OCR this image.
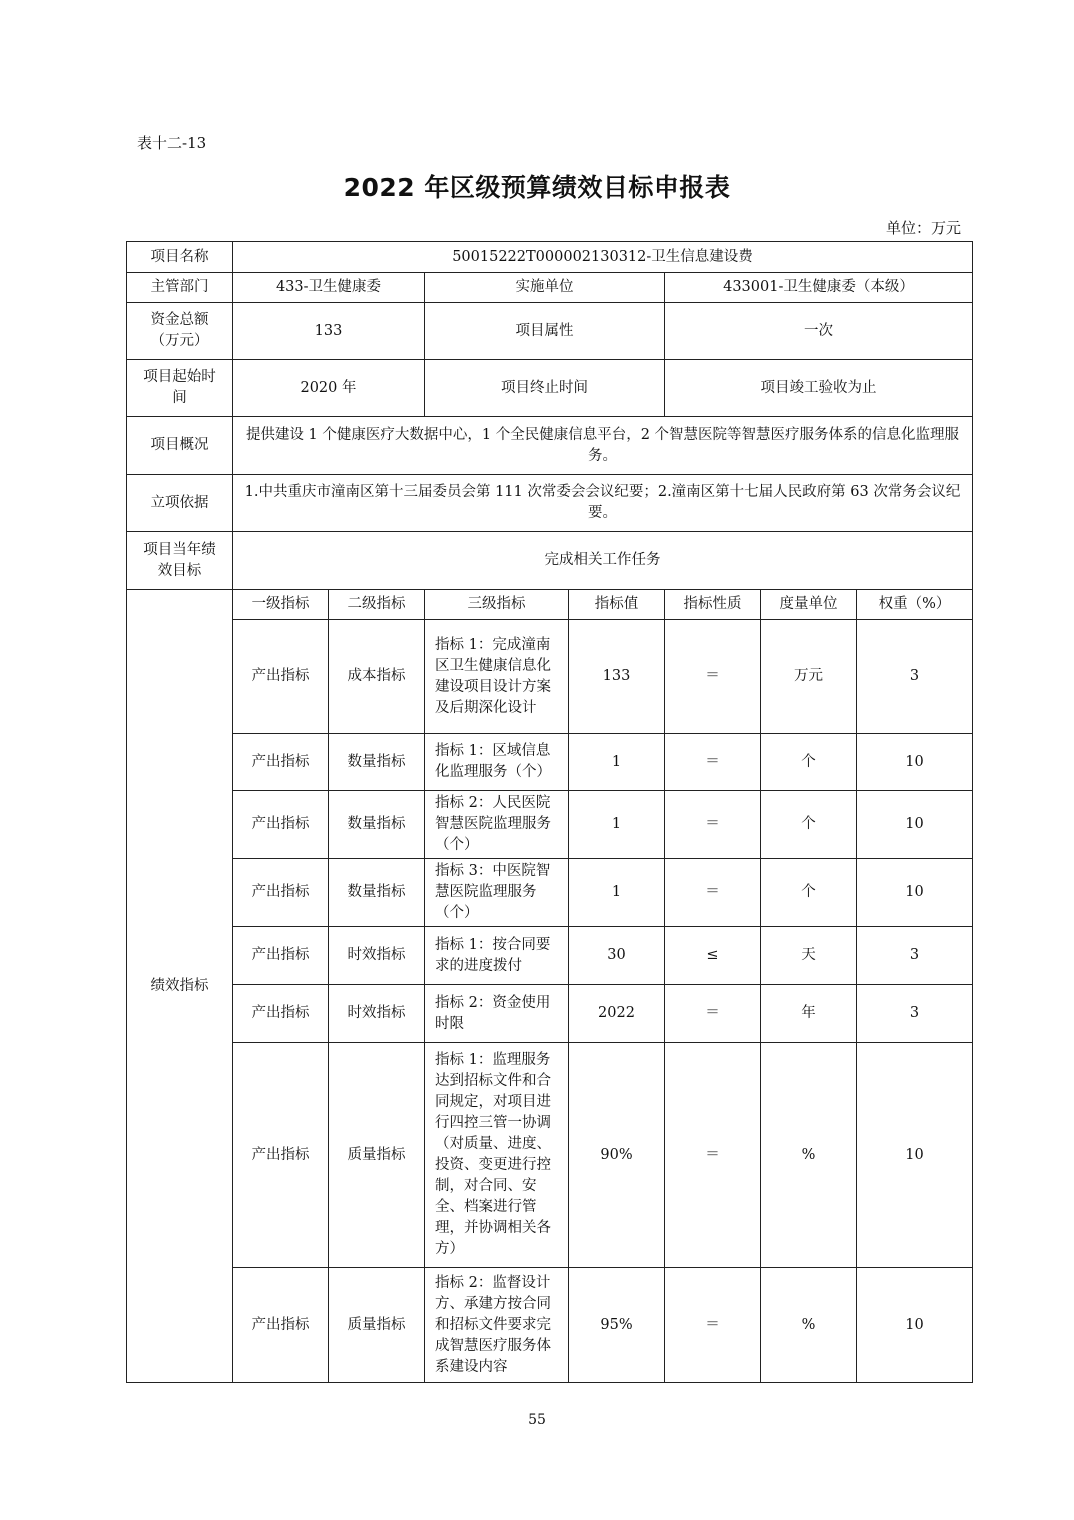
表十二-13
2022 年区级预算绩效目标申报表
单位：万元
项目名称	50015222T000002130312-卫生信息建设费						
主管部门	433-卫生健康委		实施单位		433001-卫生健康委（本级）		

资金总额
（万元）	133		项目属性		一次		

项目起始时
间	2020 年		项目终止时间		项目竣工验收为止		
项目概况	提供建设 1 个健康医疗大数据中心，1 个全民健康信息平台，2 个智慧医院等智慧医疗服务体系的信息化监理服务。						
立项依据	1.中共重庆市潼南区第十三届委员会第 111 次常委会会议纪要；2.潼南区第十七届人民政府第 63 次常务会议纪要。						

项目当年绩
效目标	完成相关工作任务						
绩效指标	一级指标	二级指标	三级指标	指标值	指标性质	度量单位	权重（%）
	产出指标	成本指标	指标 1：完成潼南区卫生健康信息化建设项目设计方案及后期深化设计	133	＝	万元	3
	产出指标	数量指标	指标 1：区域信息化监理服务（个）	1	＝	个	10
	产出指标	数量指标	指标 2：人民医院智慧医院监理服务（个）	1	＝	个	10
	产出指标	数量指标	指标 3：中医院智慧医院监理服务（个）	1	＝	个	10
	产出指标	时效指标	指标 1：按合同要求的进度拨付	30	≤	天	3
	产出指标	时效指标	指标 2：资金使用时限	2022	＝	年	3
	产出指标	质量指标	指标 1：监理服务达到招标文件和合同规定，对项目进行四控三管一协调（对质量、进度、投资、变更进行控制，对合同、安全、档案进行管理，并协调相关各方）	90%	＝	%	10
	产出指标	质量指标	指标 2：监督设计方、承建方按合同和招标文件要求完成智慧医疗服务体系建设内容	95%	＝	%	10
55
